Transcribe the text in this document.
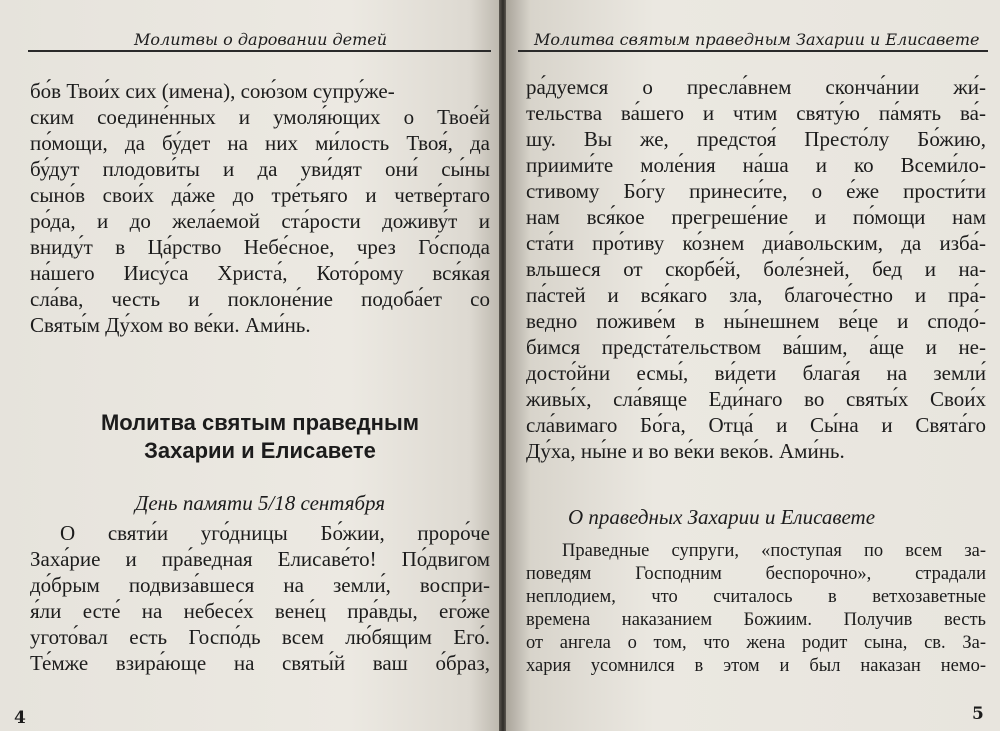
Молитвы о даровании детей
бо́в Твои́х сих (имена), сою́зом супру́же-
ским соедине́нных и умоля́ющих о Твое́й
по́мощи, да бу́дет на них ми́лость Твоя́, да
бу́дут плодови́ты и да уви́дят они́ сы́ны
сыно́в свои́х да́же до тре́тьяго и четве́ртаго
ро́да, и до жела́емой ста́рости доживу́т и
вниду́т в Ца́рство Небе́сное, чрез Го́спода
на́шего Иису́са Христа́, Кото́рому вся́кая
сла́ва, честь и поклоне́ние подоба́ет со
Святы́м Ду́хом во ве́ки. Ами́нь.
Молитва святым праведным
Захарии и Елисавете
День памяти 5/18 сентября
О святи́и уго́дницы Бо́жии, проро́че
Заха́рие и пра́ведная Елисаве́то! По́двигом
до́брым подвиза́вшеся на земли́, воспри-
я́ли есте́ на небесе́х вене́ц пра́вды, его́же
угото́вал есть Госпо́дь всем лю́бящим Его́.
Те́мже взира́юще на святы́й ваш о́браз,
4
Молитва святым праведным Захарии и Елисавете
ра́дуемся о пресла́внем сконча́нии жи́-
тельства ва́шего и чтим святу́ю па́мять ва́-
шу. Вы же, предстоя́ Престо́лу Бо́жию,
приими́те моле́ния на́ша и ко Всеми́ло-
стивому Бо́гу принеси́те, о е́же прости́ти
нам вся́кое прегреше́ние и по́мощи нам
ста́ти про́тиву ко́знем диа́вольским, да изба́-
вльшеся от скорбе́й, боле́зней, бед и на-
па́стей и вся́каго зла, благоче́стно и пра́-
ведно поживе́м в ны́нешнем ве́це и сподо́-
бимся предста́тельством ва́шим, а́ще и не-
досто́йни есмы́, ви́дети блага́я на земли́
живы́х, сла́вяще Еди́наго во святы́х Свои́х
сла́вимаго Бо́га, Отца́ и Сы́на и Свята́го
Ду́ха, ны́не и во ве́ки веко́в. Ами́нь.
О праведных Захарии и Елисавете
Праведные супруги, «поступая по всем за-
поведям Господним беспорочно», страдали
неплодием, что считалось в ветхозаветные
времена наказанием Божиим. Получив весть
от ангела о том, что жена родит сына, св. За-
хария усомнился в этом и был наказан немо-
5
